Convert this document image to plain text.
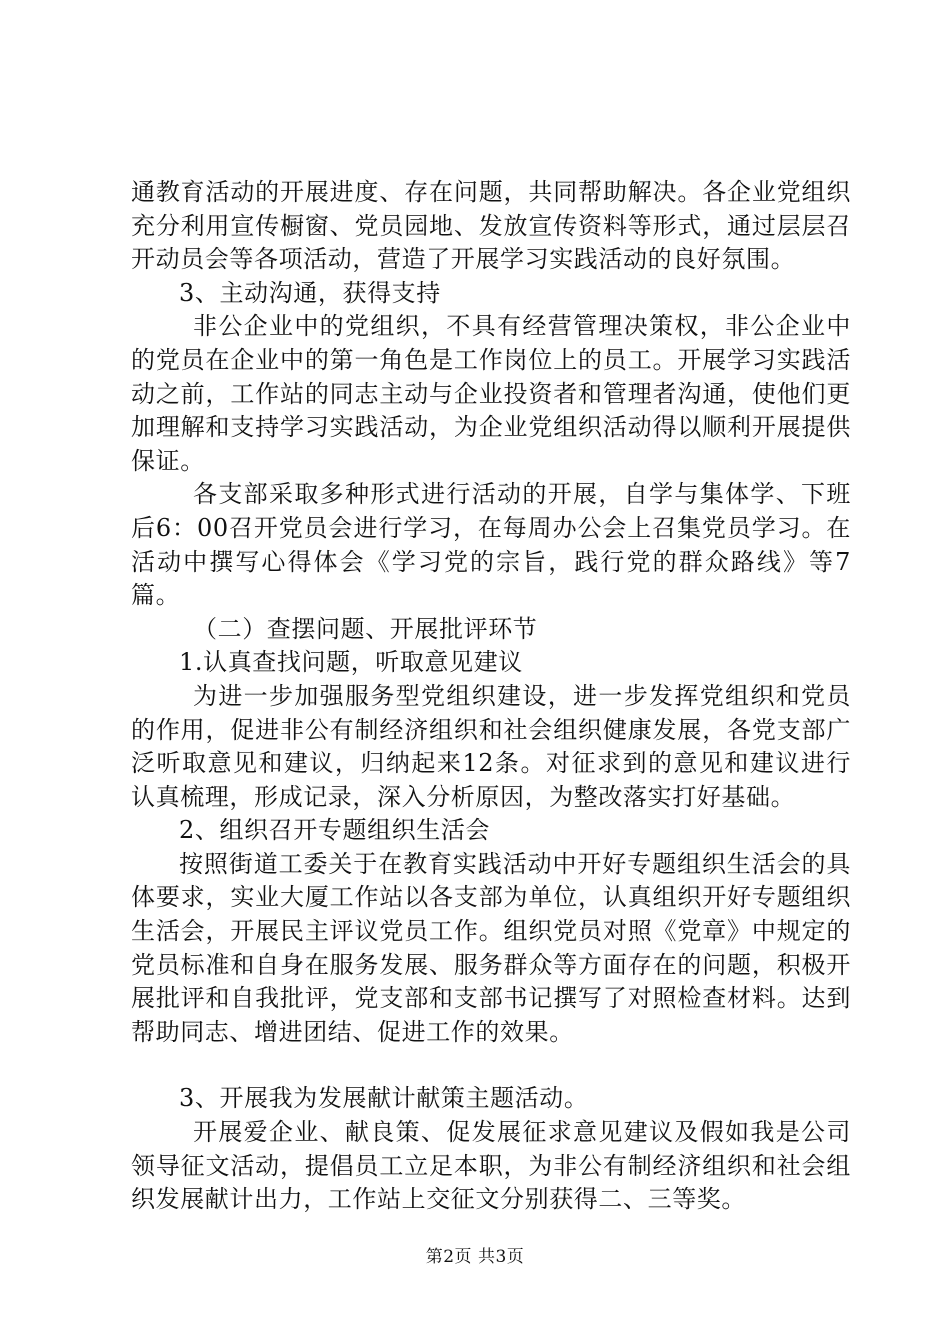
通教育活动的开展进度、存在问题，共同帮助解决。各企业党组织充分利用宣传橱窗、党员园地、发放宣传资料等形式，通过层层召开动员会等各项活动，营造了开展学习实践活动的良好氛围。

3、主动沟通，获得支持

非公企业中的党组织，不具有经营管理决策权，非公企业中的党员在企业中的第一角色是工作岗位上的员工。开展学习实践活动之前，工作站的同志主动与企业投资者和管理者沟通，使他们更加理解和支持学习实践活动，为企业党组织活动得以顺利开展提供保证。

各支部采取多种形式进行活动的开展，自学与集体学、下班后6：00召开党员会进行学习，在每周办公会上召集党员学习。在活动中撰写心得体会《学习党的宗旨，践行党的群众路线》等7篇。

（二）查摆问题、开展批评环节

1.认真查找问题，听取意见建议

为进一步加强服务型党组织建设，进一步发挥党组织和党员的作用，促进非公有制经济组织和社会组织健康发展，各党支部广泛听取意见和建议，归纳起来12条。对征求到的意见和建议进行认真梳理，形成记录，深入分析原因，为整改落实打好基础。

2、组织召开专题组织生活会

按照街道工委关于在教育实践活动中开好专题组织生活会的具体要求，实业大厦工作站以各支部为单位，认真组织开好专题组织生活会，开展民主评议党员工作。组织党员对照《党章》中规定的党员标准和自身在服务发展、服务群众等方面存在的问题，积极开展批评和自我批评，党支部和支部书记撰写了对照检查材料。达到帮助同志、增进团结、促进工作的效果。

3、开展我为发展献计献策主题活动。

开展爱企业、献良策、促发展征求意见建议及假如我是公司领导征文活动，提倡员工立足本职，为非公有制经济组织和社会组织发展献计出力，工作站上交征文分别获得二、三等奖。

第2页 共3页
